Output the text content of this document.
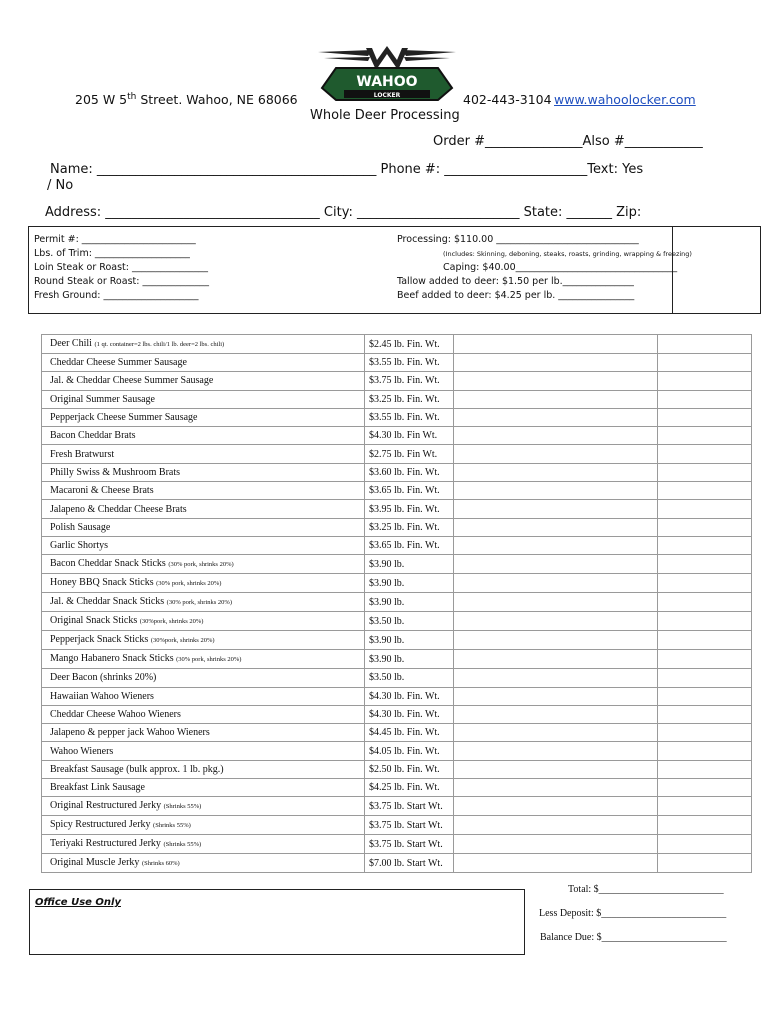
WAHOO
LOCKER
205 W 5th Street. Wahoo, NE 68066	402-443-3104 www.wahoolocker.com
Whole Deer Processing
Order #_______________Also #____________
Name: ___________________________________________ Phone #: ______________________Text: Yes
/ No
Address: _________________________________ City: _________________________ State: _______ Zip:
Permit #: ________________________
Lbs. of Trim: ____________________
Loin Steak or Roast: ________________
Round Steak or Roast: ______________
Fresh Ground: ____________________
Processing: $110.00 ______________________________
(Includes: Skinning, deboning, steaks, roasts, grinding, wrapping & freezing)
Caping: $40.00__________________________________
Tallow added to deer: $1.50 per lb._______________
Beef added to deer: $4.25 per lb. ________________
Deer Chili (1 qt. container=2 lbs. chili/1 lb. deer=2 lbs. chili)	$2.45 lb. Fin. Wt.		
Cheddar Cheese Summer Sausage	$3.55 lb. Fin. Wt.		
Jal. & Cheddar Cheese Summer Sausage	$3.75 lb. Fin. Wt.		
Original Summer Sausage	$3.25 lb. Fin. Wt.		
Pepperjack Cheese Summer Sausage	$3.55 lb. Fin. Wt.		
Bacon Cheddar Brats	$4.30 lb. Fin Wt.		
Fresh Bratwurst	$2.75 lb. Fin Wt.		
Philly Swiss & Mushroom Brats	$3.60 lb. Fin. Wt.		
Macaroni & Cheese Brats	$3.65 lb. Fin. Wt.		
Jalapeno & Cheddar Cheese Brats	$3.95 lb. Fin. Wt.		
Polish Sausage	$3.25 lb. Fin. Wt.		
Garlic Shortys	$3.65 lb. Fin. Wt.		
Bacon Cheddar Snack Sticks (30% pork, shrinks 20%)	$3.90 lb.		
Honey BBQ Snack Sticks (30% pork, shrinks 20%)	$3.90 lb.		
Jal. & Cheddar Snack Sticks (30% pork, shrinks 20%)	$3.90 lb.		
Original Snack Sticks (30%pork, shrinks 20%)	$3.50 lb.		
Pepperjack Snack Sticks (30%pork, shrinks 20%)	$3.90 lb.		
Mango Habanero Snack Sticks (30% pork, shrinks 20%)	$3.90 lb.		
Deer Bacon (shrinks 20%)	$3.50 lb.		
Hawaiian Wahoo Wieners	$4.30 lb. Fin. Wt.		
Cheddar Cheese Wahoo Wieners	$4.30 lb. Fin. Wt.		
Jalapeno & pepper jack Wahoo Wieners	$4.45 lb. Fin. Wt.		
Wahoo Wieners	$4.05 lb. Fin. Wt.		
Breakfast Sausage (bulk approx. 1 lb. pkg.)	$2.50 lb. Fin. Wt.		
Breakfast Link Sausage	$4.25 lb. Fin. Wt.		
Original Restructured Jerky (Shrinks 55%)	$3.75 lb. Start Wt.		
Spicy Restructured Jerky (Shrinks 55%)	$3.75 lb. Start Wt.		
Teriyaki Restructured Jerky (Shrinks 55%)	$3.75 lb. Start Wt.		
Original Muscle Jerky (Shrinks 60%)	$7.00 lb. Start Wt.		
Office Use Only
Total: $_________________________
Less Deposit: $_________________________
Balance Due: $_________________________
